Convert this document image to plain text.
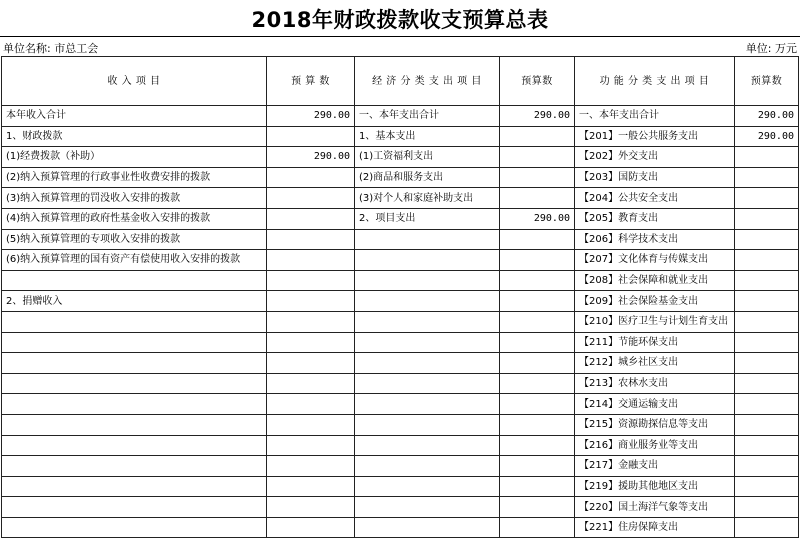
2018年财政拨款收支预算总表
单位名称: 市总工会	单位: 万元
收 入 项 目	预 算 数	经 济 分 类 支 出 项 目	预算数	功 能 分 类 支 出 项 目	预算数
本年收入合计	290.00	一、本年支出合计	290.00	一、本年支出合计	290.00
1、财政拨款		1、基本支出		【201】一般公共服务支出	290.00
(1)经费拨款（补助）	290.00	(1)工资福利支出		【202】外交支出	
(2)纳入预算管理的行政事业性收费安排的拨款		(2)商品和服务支出		【203】国防支出	
(3)纳入预算管理的罚没收入安排的拨款		(3)对个人和家庭补助支出		【204】公共安全支出	
(4)纳入预算管理的政府性基金收入安排的拨款		2、项目支出	290.00	【205】教育支出	
(5)纳入预算管理的专项收入安排的拨款				【206】科学技术支出	
(6)纳入预算管理的国有资产有偿使用收入安排的拨款				【207】文化体育与传媒支出	
				【208】社会保障和就业支出	
2、捐赠收入				【209】社会保险基金支出	
				【210】医疗卫生与计划生育支出	
				【211】节能环保支出	
				【212】城乡社区支出	
				【213】农林水支出	
				【214】交通运输支出	
				【215】资源勘探信息等支出	
				【216】商业服务业等支出	
				【217】金融支出	
				【219】援助其他地区支出	
				【220】国土海洋气象等支出	
				【221】住房保障支出	
